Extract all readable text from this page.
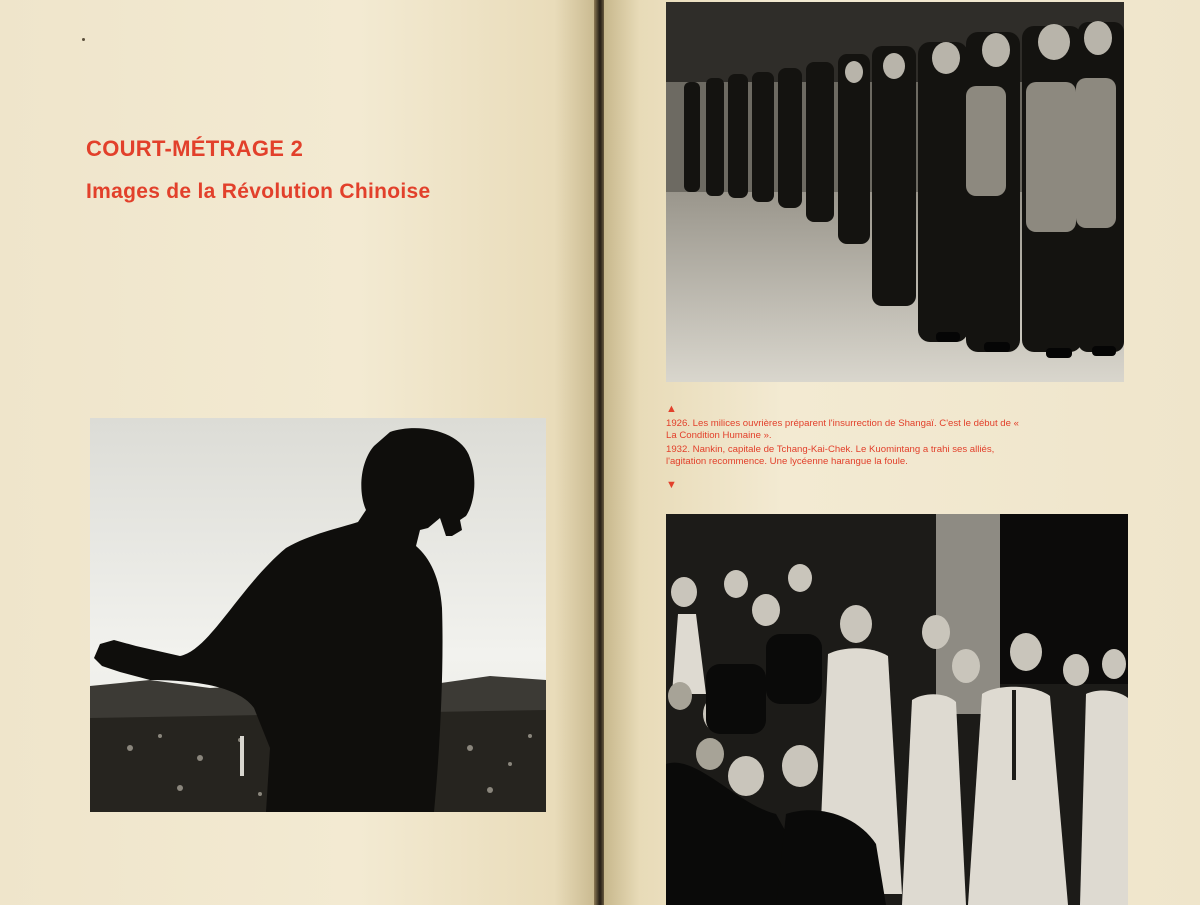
COURT-MÉTRAGE 2
Images de la Révolution Chinoise
▲

1926. Les milices ouvrières préparent l'insurrection de Shangaï. C'est le début de « La Condition Humaine ».

1932. Nankin, capitale de Tchang-Kai-Chek. Le Kuomintang a trahi ses alliés, l'agitation recommence. Une lycéenne harangue la foule.

▼
